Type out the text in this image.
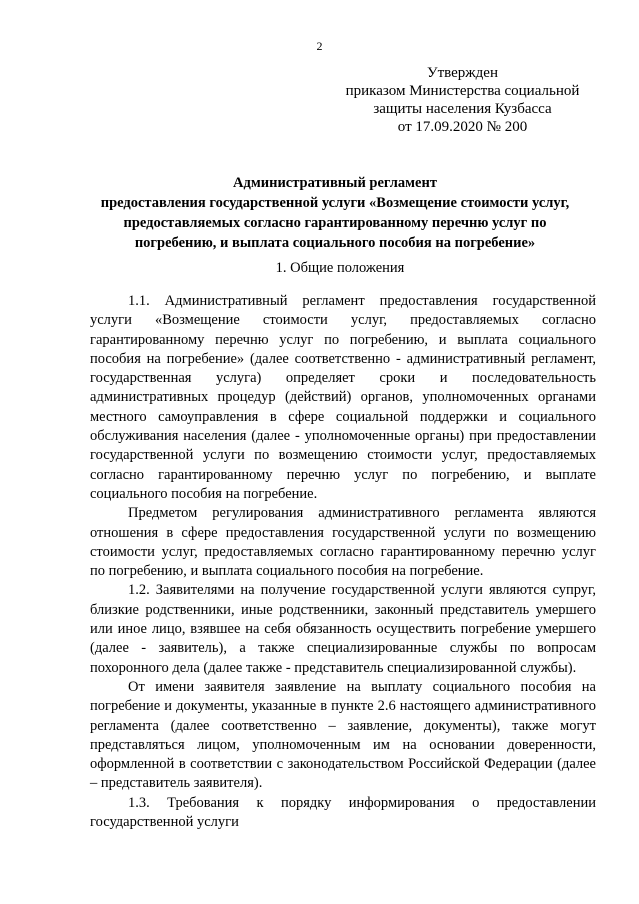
2
Утвержден
приказом Министерства социальной
защиты населения Кузбасса
от 17.09.2020 № 200
Административный регламент
предоставления государственной услуги «Возмещение стоимости услуг,
предоставляемых согласно гарантированному перечню услуг по
погребению, и выплата социального пособия на погребение»
1. Общие положения

1.1. Административный регламент предоставления государственной услуги «Возмещение стоимости услуг, предоставляемых согласно гарантированному перечню услуг по погребению, и выплата социального пособия на погребение» (далее соответственно - административный регламент, государственная услуга) определяет сроки и последовательность административных процедур (действий) органов, уполномоченных органами местного самоуправления в сфере социальной поддержки и социального обслуживания населения (далее - уполномоченные органы) при предоставлении государственной услуги по возмещению стоимости услуг, предоставляемых согласно гарантированному перечню услуг по погребению, и выплате социального пособия на погребение.

Предметом регулирования административного регламента являются отношения в сфере предоставления государственной услуги по возмещению стоимости услуг, предоставляемых согласно гарантированному перечню услуг по погребению, и выплата социального пособия на погребение.

1.2. Заявителями на получение государственной услуги являются супруг, близкие родственники, иные родственники, законный представитель умершего или иное лицо, взявшее на себя обязанность осуществить погребение умершего (далее - заявитель), а также специализированные службы по вопросам похоронного дела (далее также - представитель специализированной службы).

От имени заявителя заявление на выплату социального пособия на погребение и документы, указанные в пункте 2.6 настоящего административного регламента (далее соответственно – заявление, документы), также могут представляться лицом, уполномоченным им на основании доверенности, оформленной в соответствии с законодательством Российской Федерации (далее – представитель заявителя).

1.3. Требования к порядку информирования о предоставлении государственной услуги
